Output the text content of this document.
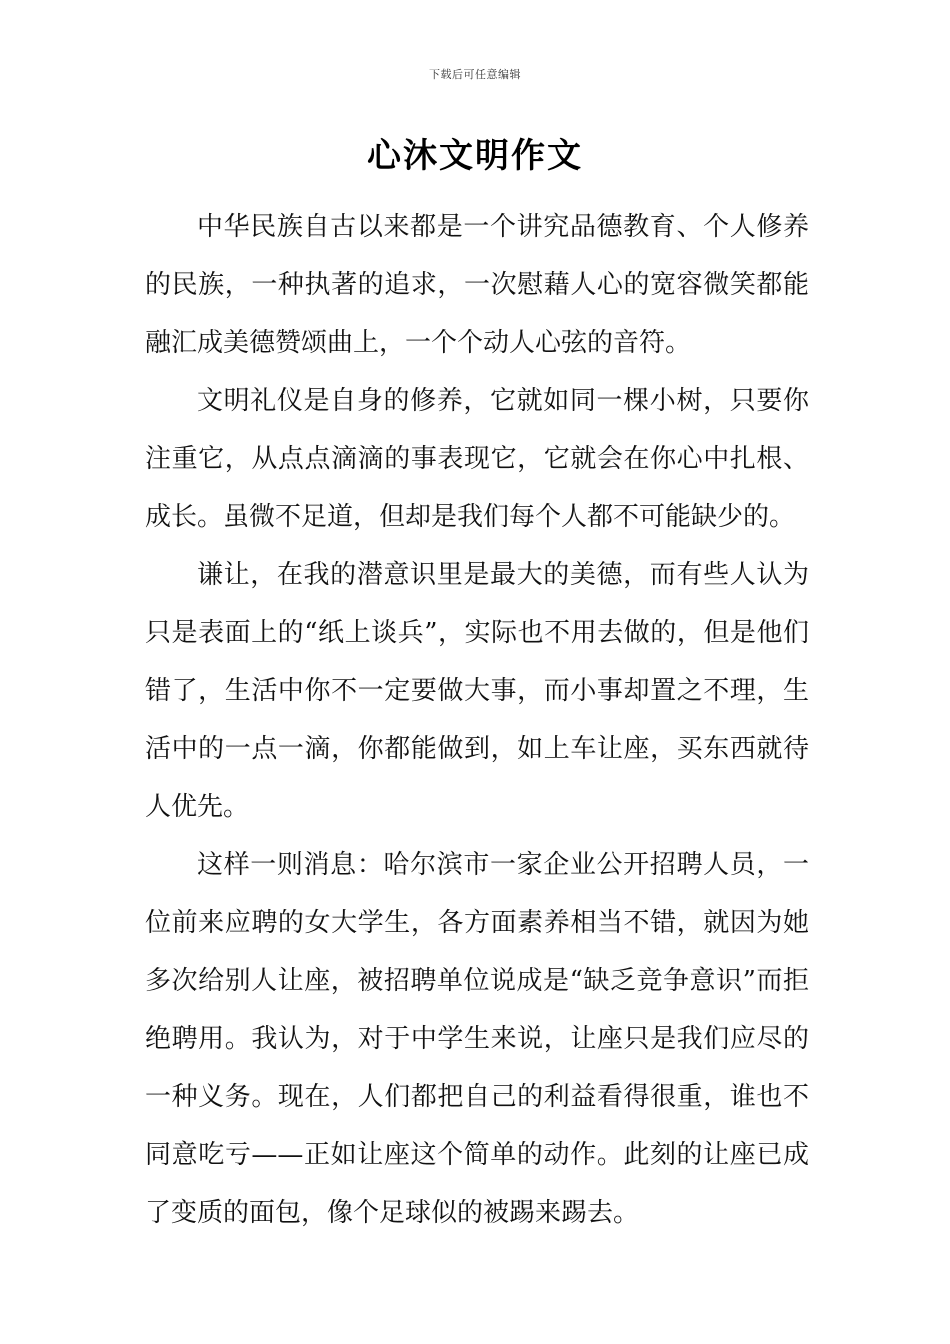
下载后可任意编辑
心沐文明作文

中华民族自古以来都是一个讲究品德教育、个人修养的民族，一种执著的追求，一次慰藉人心的宽容微笑都能融汇成美德赞颂曲上，一个个动人心弦的音符。

文明礼仪是自身的修养，它就如同一棵小树，只要你注重它，从点点滴滴的事表现它，它就会在你心中扎根、成长。虽微不足道，但却是我们每个人都不可能缺少的。

谦让，在我的潜意识里是最大的美德，而有些人认为只是表面上的“纸上谈兵”，实际也不用去做的，但是他们错了，生活中你不一定要做大事，而小事却置之不理，生活中的一点一滴，你都能做到，如上车让座，买东西就待人优先。

这样一则消息：哈尔滨市一家企业公开招聘人员，一位前来应聘的女大学生，各方面素养相当不错，就因为她多次给别人让座，被招聘单位说成是“缺乏竞争意识”而拒绝聘用。我认为，对于中学生来说，让座只是我们应尽的一种义务。现在，人们都把自己的利益看得很重，谁也不同意吃亏——正如让座这个简单的动作。此刻的让座已成了变质的面包，像个足球似的被踢来踢去。
